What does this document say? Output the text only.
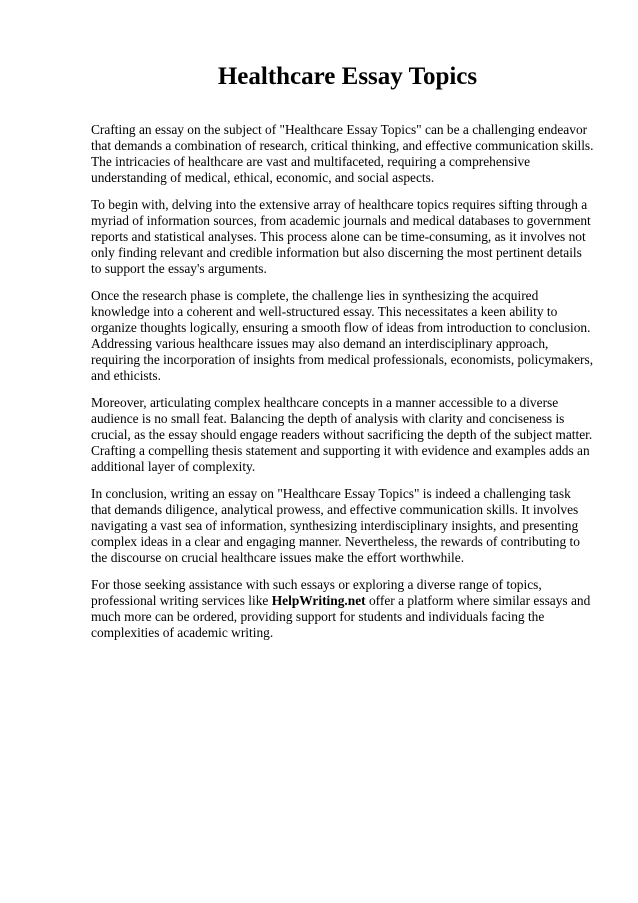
Healthcare Essay Topics

Crafting an essay on the subject of "Healthcare Essay Topics" can be a challenging endeavor that demands a combination of research, critical thinking, and effective communication skills. The intricacies of healthcare are vast and multifaceted, requiring a comprehensive understanding of medical, ethical, economic, and social aspects.

To begin with, delving into the extensive array of healthcare topics requires sifting through a myriad of information sources, from academic journals and medical databases to government reports and statistical analyses. This process alone can be time-consuming, as it involves not only finding relevant and credible information but also discerning the most pertinent details to support the essay's arguments.

Once the research phase is complete, the challenge lies in synthesizing the acquired knowledge into a coherent and well-structured essay. This necessitates a keen ability to organize thoughts logically, ensuring a smooth flow of ideas from introduction to conclusion. Addressing various healthcare issues may also demand an interdisciplinary approach, requiring the incorporation of insights from medical professionals, economists, policymakers, and ethicists.

Moreover, articulating complex healthcare concepts in a manner accessible to a diverse audience is no small feat. Balancing the depth of analysis with clarity and conciseness is crucial, as the essay should engage readers without sacrificing the depth of the subject matter. Crafting a compelling thesis statement and supporting it with evidence and examples adds an additional layer of complexity.

In conclusion, writing an essay on "Healthcare Essay Topics" is indeed a challenging task that demands diligence, analytical prowess, and effective communication skills. It involves navigating a vast sea of information, synthesizing interdisciplinary insights, and presenting complex ideas in a clear and engaging manner. Nevertheless, the rewards of contributing to the discourse on crucial healthcare issues make the effort worthwhile.

For those seeking assistance with such essays or exploring a diverse range of topics, professional writing services like HelpWriting.net offer a platform where similar essays and much more can be ordered, providing support for students and individuals facing the complexities of academic writing.
